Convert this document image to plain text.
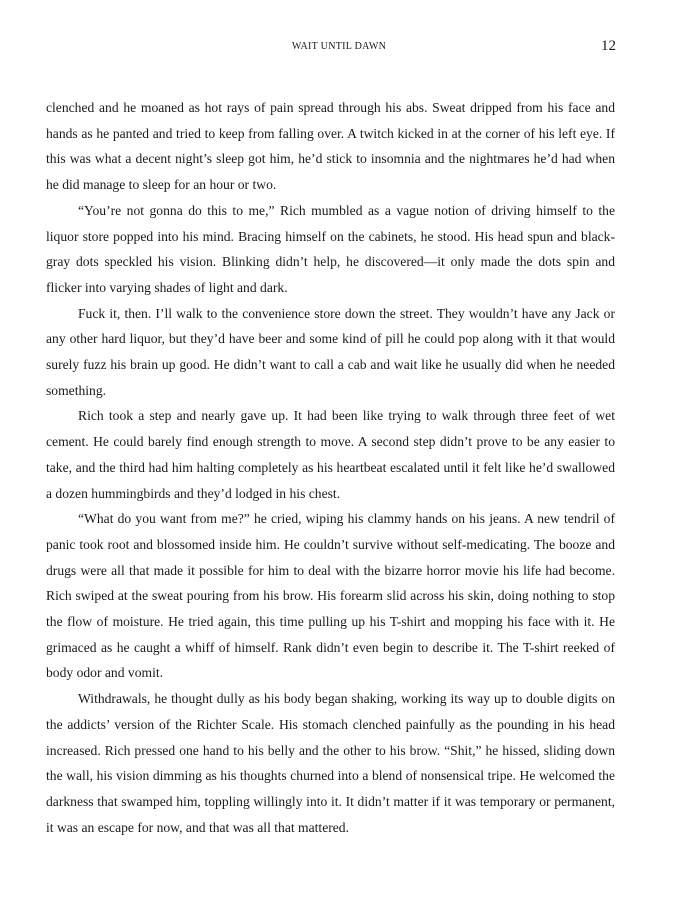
WAIT UNTIL DAWN	12

clenched and he moaned as hot rays of pain spread through his abs. Sweat dripped from his face and hands as he panted and tried to keep from falling over. A twitch kicked in at the corner of his left eye. If this was what a decent night’s sleep got him, he’d stick to insomnia and the nightmares he’d had when he did manage to sleep for an hour or two.

“You’re not gonna do this to me,” Rich mumbled as a vague notion of driving himself to the liquor store popped into his mind. Bracing himself on the cabinets, he stood. His head spun and black-gray dots speckled his vision. Blinking didn’t help, he discovered—it only made the dots spin and flicker into varying shades of light and dark.

Fuck it, then. I’ll walk to the convenience store down the street. They wouldn’t have any Jack or any other hard liquor, but they’d have beer and some kind of pill he could pop along with it that would surely fuzz his brain up good. He didn’t want to call a cab and wait like he usually did when he needed something.

Rich took a step and nearly gave up. It had been like trying to walk through three feet of wet cement. He could barely find enough strength to move. A second step didn’t prove to be any easier to take, and the third had him halting completely as his heartbeat escalated until it felt like he’d swallowed a dozen hummingbirds and they’d lodged in his chest.

“What do you want from me?” he cried, wiping his clammy hands on his jeans. A new tendril of panic took root and blossomed inside him. He couldn’t survive without self-medicating. The booze and drugs were all that made it possible for him to deal with the bizarre horror movie his life had become. Rich swiped at the sweat pouring from his brow. His forearm slid across his skin, doing nothing to stop the flow of moisture. He tried again, this time pulling up his T-shirt and mopping his face with it. He grimaced as he caught a whiff of himself. Rank didn’t even begin to describe it. The T-shirt reeked of body odor and vomit.

Withdrawals, he thought dully as his body began shaking, working its way up to double digits on the addicts’ version of the Richter Scale. His stomach clenched painfully as the pounding in his head increased. Rich pressed one hand to his belly and the other to his brow. “Shit,” he hissed, sliding down the wall, his vision dimming as his thoughts churned into a blend of nonsensical tripe. He welcomed the darkness that swamped him, toppling willingly into it. It didn’t matter if it was temporary or permanent, it was an escape for now, and that was all that mattered.
